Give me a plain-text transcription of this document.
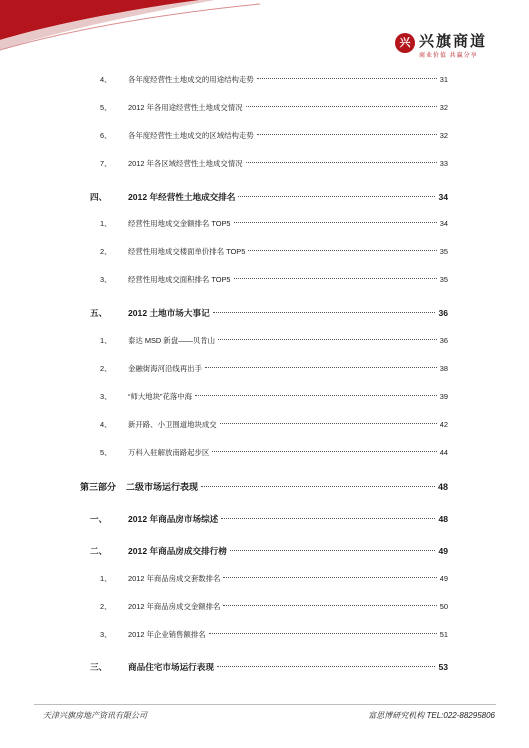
兴 兴旗商道
商业价值 共赢分享
4、	各年度经营性土地成交的用途结构走势	31
5、	2012 年各用途经营性土地成交情况	32
6、	各年度经营性土地成交的区域结构走势	32
7、	2012 年各区域经营性土地成交情况	33
四、	2012 年经营性土地成交排名	34
1、	经营性用地成交金额排名 TOP5	34
2、	经营性用地成交楼面单价排名 TOP5	35
3、	经营性用地成交面积排名 TOP5	35
五、	2012 土地市场大事记	36
1、	泰达 MSD 新盘——贝肯山	36
2、	金融街海河沿线再出手	38
3、	“师大地块”花落中海	39
4、	新开路、小卫围道地块成交	42
5、	万科入驻解放南路起步区	44
第三部分	二级市场运行表现	48
一、	2012 年商品房市场综述	48
二、	2012 年商品房成交排行榜	49
1、	2012 年商品房成交套数排名	49
2、	2012 年商品房成交金额排名	50
3、	2012 年企业销售额排名	51
三、	商品住宅市场运行表现	53
天津兴旗房地产资讯有限公司	富思博研究机构 TEL:022-88295806
